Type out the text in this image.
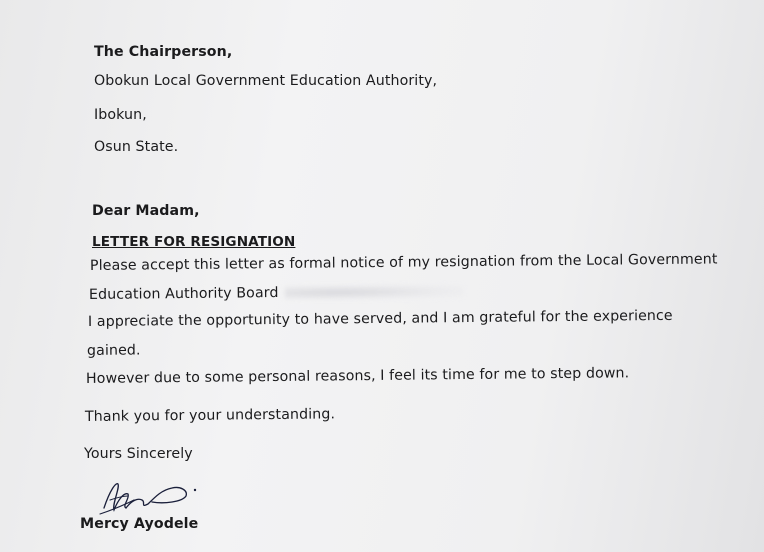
The Chairperson,
Obokun Local Government Education Authority,
Ibokun,
Osun State.
Dear Madam,
LETTER FOR RESIGNATION
Please accept this letter as formal notice of my resignation from the Local Government
Education Authority Board
I appreciate the opportunity to have served, and I am grateful for the experience
gained.
However due to some personal reasons, I feel its time for me to step down.
Thank you for your understanding.
Yours Sincerely
Mercy Ayodele
